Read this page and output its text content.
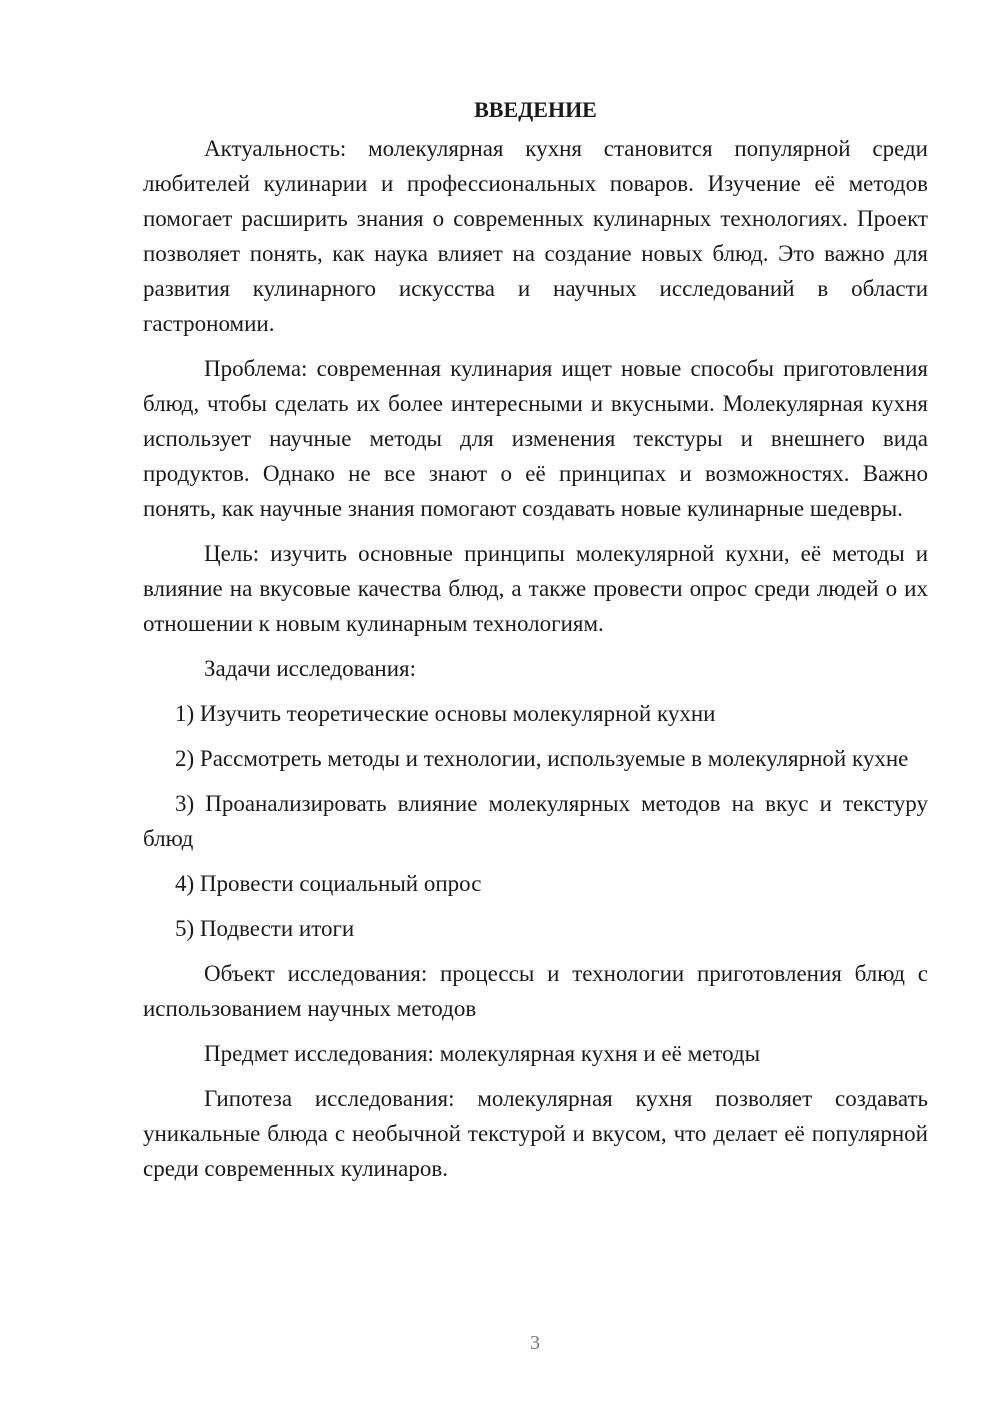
ВВЕДЕНИЕ

Актуальность: молекулярная кухня становится популярной среди любителей кулинарии и профессиональных поваров. Изучение её методов помогает расширить знания о современных кулинарных технологиях. Проект позволяет понять, как наука влияет на создание новых блюд. Это важно для развития кулинарного искусства и научных исследований в области гастрономии.

Проблема: современная кулинария ищет новые способы приготовления блюд, чтобы сделать их более интересными и вкусными. Молекулярная кухня использует научные методы для изменения текстуры и внешнего вида продуктов. Однако не все знают о её принципах и возможностях. Важно понять, как научные знания помогают создавать новые кулинарные шедевры.

Цель: изучить основные принципы молекулярной кухни, её методы и влияние на вкусовые качества блюд, а также провести опрос среди людей о их отношении к новым кулинарным технологиям.

Задачи исследования:

1) Изучить теоретические основы молекулярной кухни

2) Рассмотреть методы и технологии, используемые в молекулярной кухне

3) Проанализировать влияние молекулярных методов на вкус и текстуру блюд

4) Провести социальный опрос

5) Подвести итоги

Объект исследования: процессы и технологии приготовления блюд с использованием научных методов

Предмет исследования: молекулярная кухня и её методы

Гипотеза исследования: молекулярная кухня позволяет создавать уникальные блюда с необычной текстурой и вкусом, что делает её популярной среди современных кулинаров.

3
